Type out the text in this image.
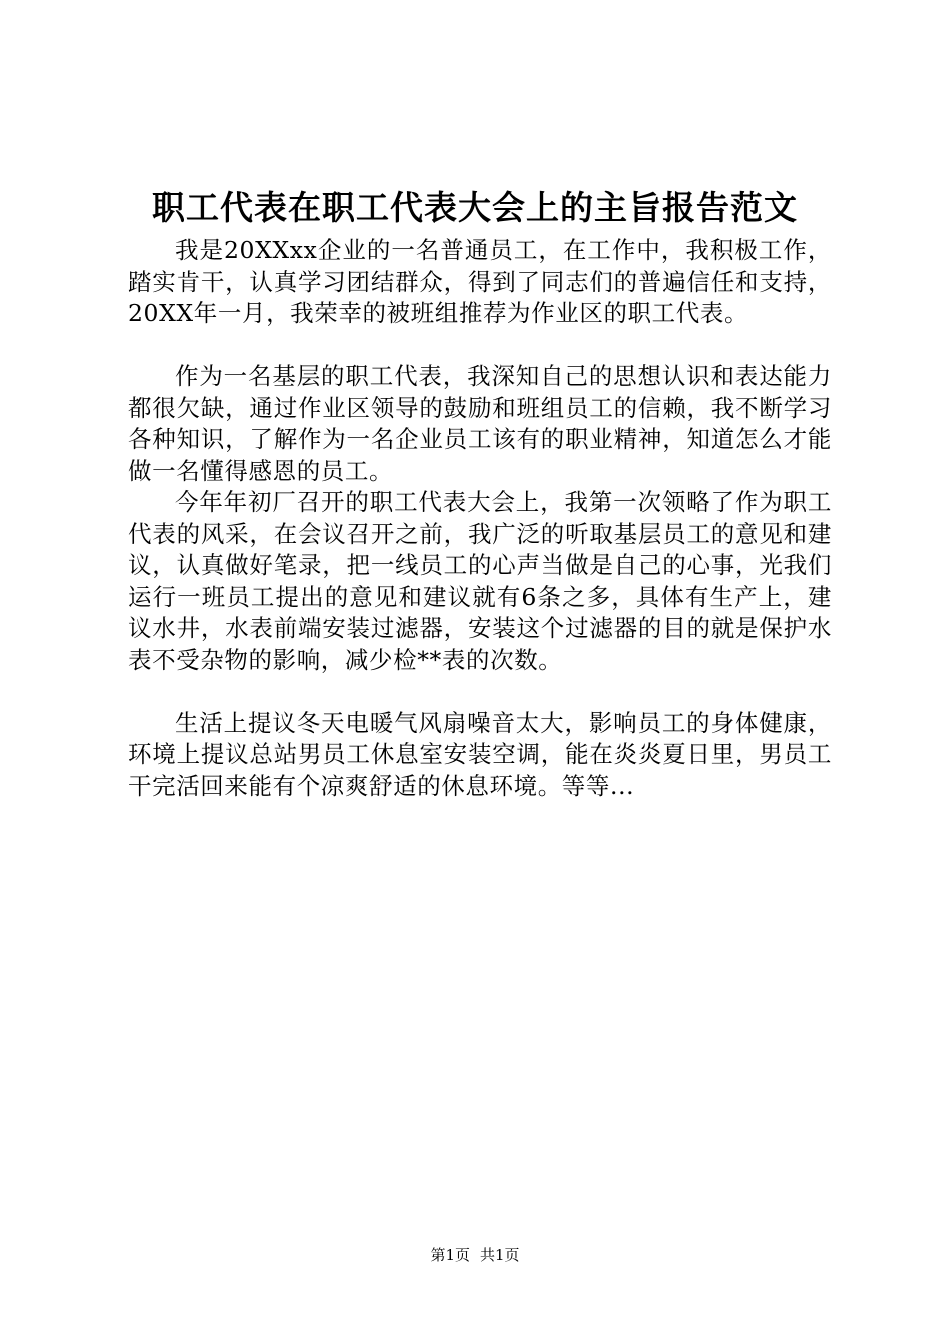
职工代表在职工代表大会上的主旨报告范文

我是20XXxx企业的一名普通员工，在工作中，我积极工作，踏实肯干，认真学习团结群众，得到了同志们的普遍信任和支持，20XX年一月，我荣幸的被班组推荐为作业区的职工代表。

作为一名基层的职工代表，我深知自己的思想认识和表达能力都很欠缺，通过作业区领导的鼓励和班组员工的信赖，我不断学习各种知识，了解作为一名企业员工该有的职业精神，知道怎么才能做一名懂得感恩的员工。

今年年初厂召开的职工代表大会上，我第一次领略了作为职工代表的风采，在会议召开之前，我广泛的听取基层员工的意见和建议，认真做好笔录，把一线员工的心声当做是自己的心事，光我们运行一班员工提出的意见和建议就有6条之多，具体有生产上，建议水井，水表前端安装过滤器，安装这个过滤器的目的就是保护水表不受杂物的影响，减少检**表的次数。

生活上提议冬天电暖气风扇噪音太大，影响员工的身体健康，环境上提议总站男员工休息室安装空调，能在炎炎夏日里，男员工干完活回来能有个凉爽舒适的休息环境。等等...

第1页 共1页
